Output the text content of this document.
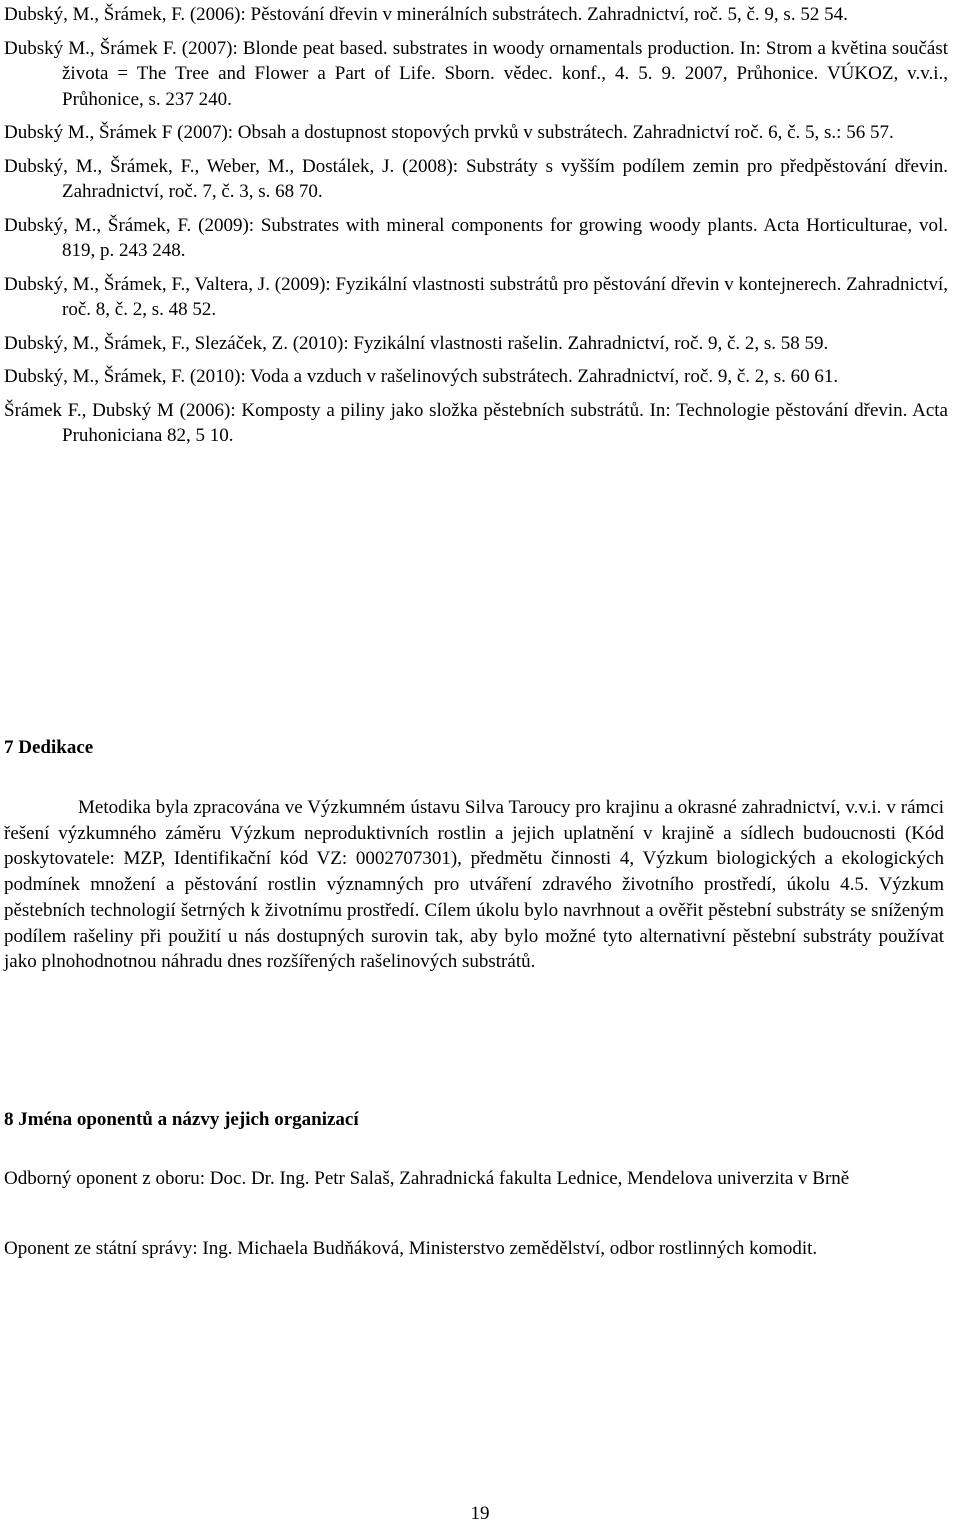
Dubský, M., Šrámek, F. (2006): Pěstování dřevin v minerálních substrátech. Zahradnictví, roč. 5, č. 9, s. 52 54.
Dubský M., Šrámek F. (2007): Blonde peat based. substrates in woody ornamentals production. In: Strom a květina součást života = The Tree and Flower a Part of Life. Sborn. vědec. konf., 4. 5. 9. 2007, Průhonice. VÚKOZ, v.v.i., Průhonice, s. 237 240.
Dubský M., Šrámek F (2007): Obsah a dostupnost stopových prvků v substrátech. Zahradnictví roč. 6, č. 5, s.: 56 57.
Dubský, M., Šrámek, F., Weber, M., Dostálek, J. (2008): Substráty s vyšším podílem zemin pro předpěstování dřevin. Zahradnictví, roč. 7, č. 3, s. 68 70.
Dubský, M., Šrámek, F. (2009): Substrates with mineral components for growing woody plants. Acta Horticulturae, vol. 819, p. 243 248.
Dubský, M., Šrámek, F., Valtera, J. (2009): Fyzikální vlastnosti substrátů pro pěstování dřevin v kontejnerech. Zahradnictví, roč. 8, č. 2, s. 48 52.
Dubský, M., Šrámek, F., Slezáček, Z. (2010): Fyzikální vlastnosti rašelin. Zahradnictví, roč. 9, č. 2, s. 58 59.
Dubský, M., Šrámek, F. (2010): Voda a vzduch v rašelinových substrátech. Zahradnictví, roč. 9, č. 2, s. 60 61.
Šrámek F., Dubský M (2006): Komposty a piliny jako složka pěstebních substrátů. In: Technologie pěstování dřevin. Acta Pruhoniciana 82, 5 10.
7 Dedikace

Metodika byla zpracována ve Výzkumném ústavu Silva Taroucy pro krajinu a okrasné zahradnictví, v.v.i. v rámci řešení výzkumného záměru Výzkum neproduktivních rostlin a jejich uplatnění v krajině a sídlech budoucnosti (Kód poskytovatele: MZP, Identifikační kód VZ: 0002707301), předmětu činnosti 4, Výzkum biologických a ekologických podmínek množení a pěstování rostlin významných pro utváření zdravého životního prostředí, úkolu 4.5. Výzkum pěstebních technologií šetrných k životnímu prostředí. Cílem úkolu bylo navrhnout a ověřit pěstební substráty se sníženým podílem rašeliny při použití u nás dostupných surovin tak, aby bylo možné tyto alternativní pěstební substráty používat jako plnohodnotnou náhradu dnes rozšířených rašelinových substrátů.

8 Jména oponentů a názvy jejich organizací

Odborný oponent z oboru: Doc. Dr. Ing. Petr Salaš, Zahradnická fakulta Lednice, Mendelova univerzita v Brně

Oponent ze státní správy: Ing. Michaela Budňáková, Ministerstvo zemědělství, odbor rostlinných komodit.

19
